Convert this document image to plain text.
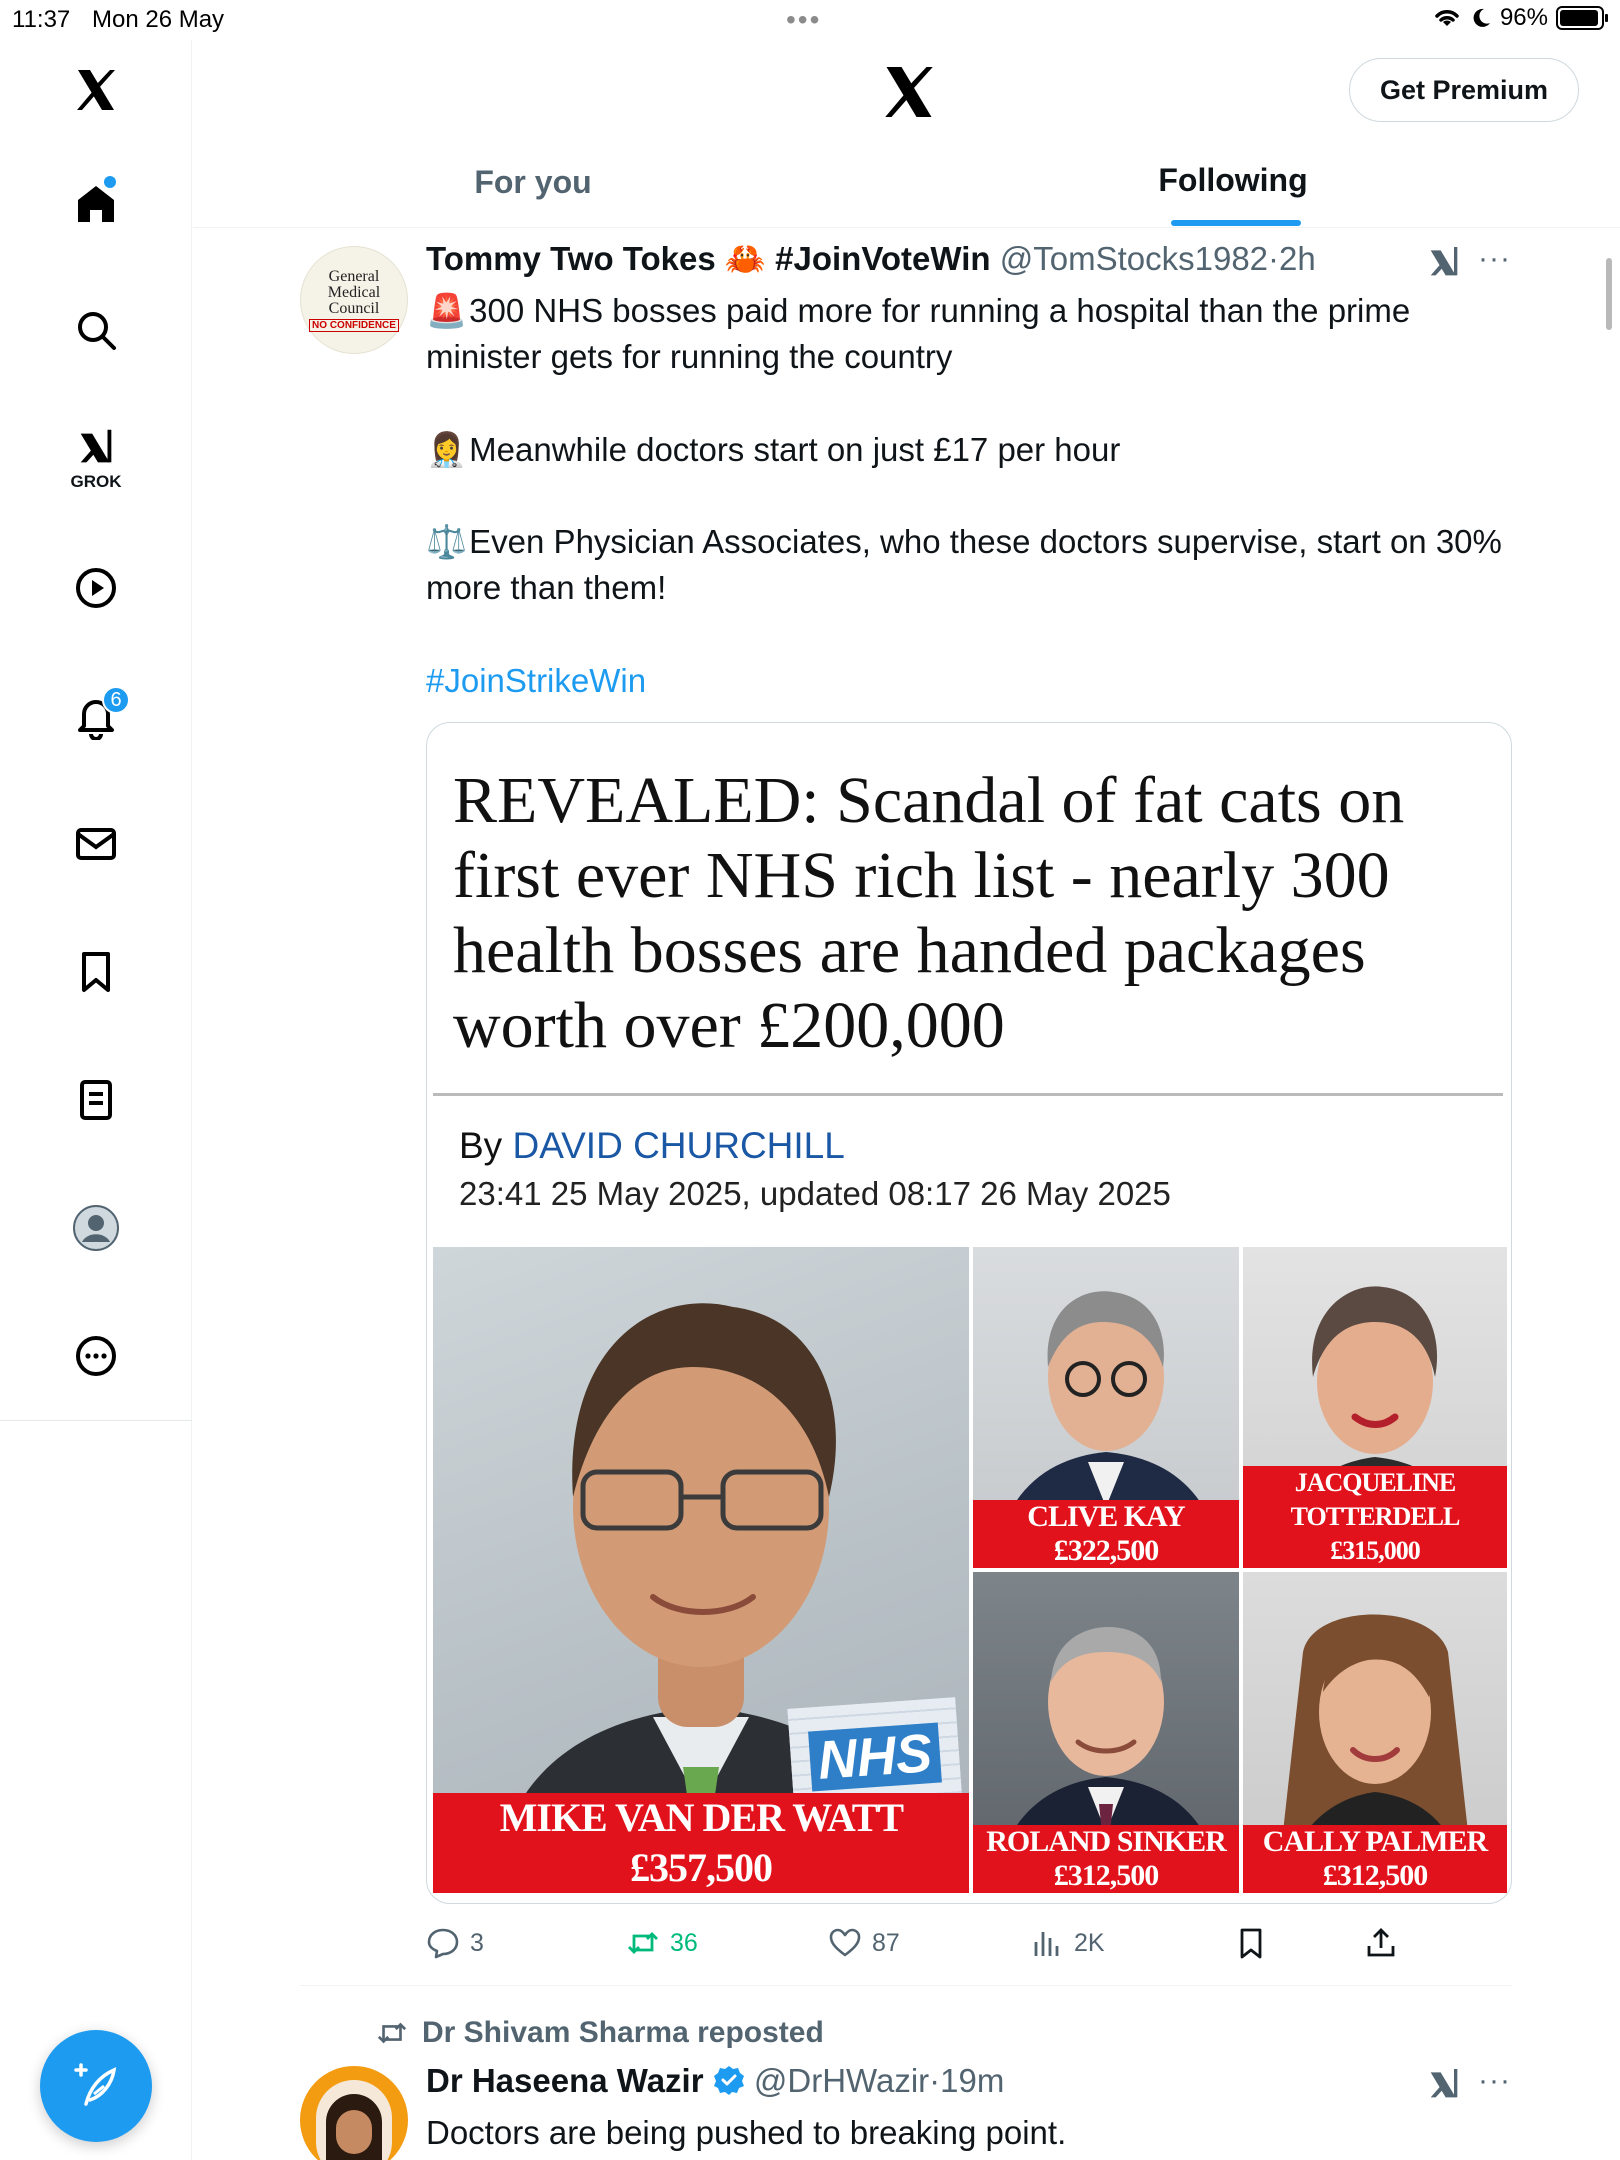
11:37 Mon 26 May	•••	96%
GROK
6
Get Premium
For you	Following
General
Medical
Council
NO CONFIDENCE
Tommy Two Tokes 🦀 #JoinVoteWin @TomStocks1982·2h	···
🚨 300 NHS bosses paid more for running a hospital than the prime minister gets for running the country
👩‍⚕️ Meanwhile doctors start on just £17 per hour
⚖️ Even Physician Associates, who these doctors supervise, start on 30% more than them!
#JoinStrikeWin
REVEALED: Scandal of fat cats on first ever NHS rich list - nearly 300 health bosses are handed packages worth over £200,000
By DAVID CHURCHILL
23:41 25 May 2025, updated 08:17 26 May 2025
NHS
MIKE VAN DER WATT £357,500
CLIVE KAY
£322,500
JACQUELINE TOTTERDELL
£315,000
ROLAND SINKER
£312,500
CALLY PALMER
£312,500
3	36	87	2K
Dr Shivam Sharma reposted
Dr Haseena Wazir @DrHWazir·19m	···
Doctors are being pushed to breaking point.
